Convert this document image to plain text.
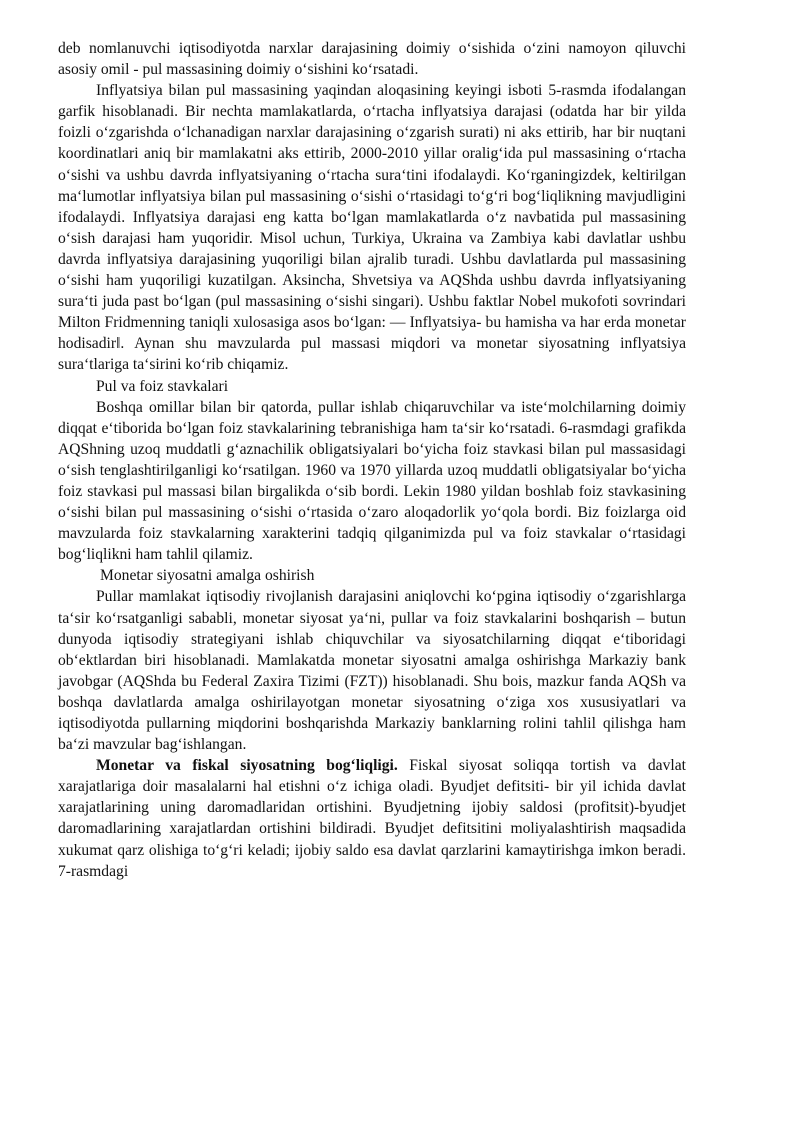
deb nomlanuvchi iqtisodiyotda narxlar darajasining doimiy o‘sishida o‘zini namoyon qiluvchi asosiy omil - pul massasining doimiy o‘sishini ko‘rsatadi.

Inflyatsiya bilan pul massasining yaqindan aloqasining keyingi isboti 5-rasmda ifodalangan garfik hisoblanadi. Bir nechta mamlakatlarda, o‘rtacha inflyatsiya darajasi (odatda har bir yilda foizli o‘zgarishda o‘lchanadigan narxlar darajasining o‘zgarish surati) ni aks ettirib, har bir nuqtani koordinatlari aniq bir mamlakatni aks ettirib, 2000-2010 yillar oralig‘ida pul massasining o‘rtacha o‘sishi va ushbu davrda inflyatsiyaning o‘rtacha sura‘tini ifodalaydi. Ko‘rganingizdek, keltirilgan ma‘lumotlar inflyatsiya bilan pul massasining o‘sishi o‘rtasidagi to‘g‘ri bog‘liqlikning mavjudligini ifodalaydi. Inflyatsiya darajasi eng katta bo‘lgan mamlakatlarda o‘z navbatida pul massasining o‘sish darajasi ham yuqoridir. Misol uchun, Turkiya, Ukraina va Zambiya kabi davlatlar ushbu davrda inflyatsiya darajasining yuqoriligi bilan ajralib turadi. Ushbu davlatlarda pul massasining o‘sishi ham yuqoriligi kuzatilgan. Aksincha, Shvetsiya va AQShda ushbu davrda inflyatsiyaning sura‘ti juda past bo‘lgan (pul massasining o‘sishi singari). Ushbu faktlar Nobel mukofoti sovrindari Milton Fridmenning taniqli xulosasiga asos bo‘lgan: — Inflyatsiya- bu hamisha va har erda monetar hodisadir‖. Aynan shu mavzularda pul massasi miqdori va monetar siyosatning inflyatsiya sura‘tlariga ta‘sirini ko‘rib chiqamiz.

Pul va foiz stavkalari

Boshqa omillar bilan bir qatorda, pullar ishlab chiqaruvchilar va iste‘molchilarning doimiy diqqat e‘tiborida bo‘lgan foiz stavkalarining tebranishiga ham ta‘sir ko‘rsatadi. 6-rasmdagi grafikda AQShning uzoq muddatli g‘aznachilik obligatsiyalari bo‘yicha foiz stavkasi bilan pul massasidagi o‘sish tenglashtirilganligi ko‘rsatilgan. 1960 va 1970 yillarda uzoq muddatli obligatsiyalar bo‘yicha foiz stavkasi pul massasi bilan birgalikda o‘sib bordi. Lekin 1980 yildan boshlab foiz stavkasining o‘sishi bilan pul massasining o‘sishi o‘rtasida o‘zaro aloqadorlik yo‘qola bordi. Biz foizlarga oid mavzularda foiz stavkalarning xarakterini tadqiq qilganimizda pul va foiz stavkalar o‘rtasidagi bog‘liqlikni ham tahlil qilamiz.

Monetar siyosatni amalga oshirish

Pullar mamlakat iqtisodiy rivojlanish darajasini aniqlovchi ko‘pgina iqtisodiy o‘zgarishlarga ta‘sir ko‘rsatganligi sababli, monetar siyosat ya‘ni, pullar va foiz stavkalarini boshqarish – butun dunyoda iqtisodiy strategiyani ishlab chiquvchilar va siyosatchilarning diqqat e‘tiboridagi ob‘ektlardan biri hisoblanadi. Mamlakatda monetar siyosatni amalga oshirishga Markaziy bank javobgar (AQShda bu Federal Zaxira Tizimi (FZT)) hisoblanadi. Shu bois, mazkur fanda AQSh va boshqa davlatlarda amalga oshirilayotgan monetar siyosatning o‘ziga xos xususiyatlari va iqtisodiyotda pullarning miqdorini boshqarishda Markaziy banklarning rolini tahlil qilishga ham ba‘zi mavzular bag‘ishlangan.

Monetar va fiskal siyosatning bog‘liqligi. Fiskal siyosat soliqqa tortish va davlat xarajatlariga doir masalalarni hal etishni o‘z ichiga oladi. Byudjet defitsiti- bir yil ichida davlat xarajatlarining uning daromadlaridan ortishini. Byudjetning ijobiy saldosi (profitsit)-byudjet daromadlarining xarajatlardan ortishini bildiradi. Byudjet defitsitini moliyalashtirish maqsadida xukumat qarz olishiga to‘g‘ri keladi; ijobiy saldo esa davlat qarzlarini kamaytirishga imkon beradi. 7-rasmdagi
